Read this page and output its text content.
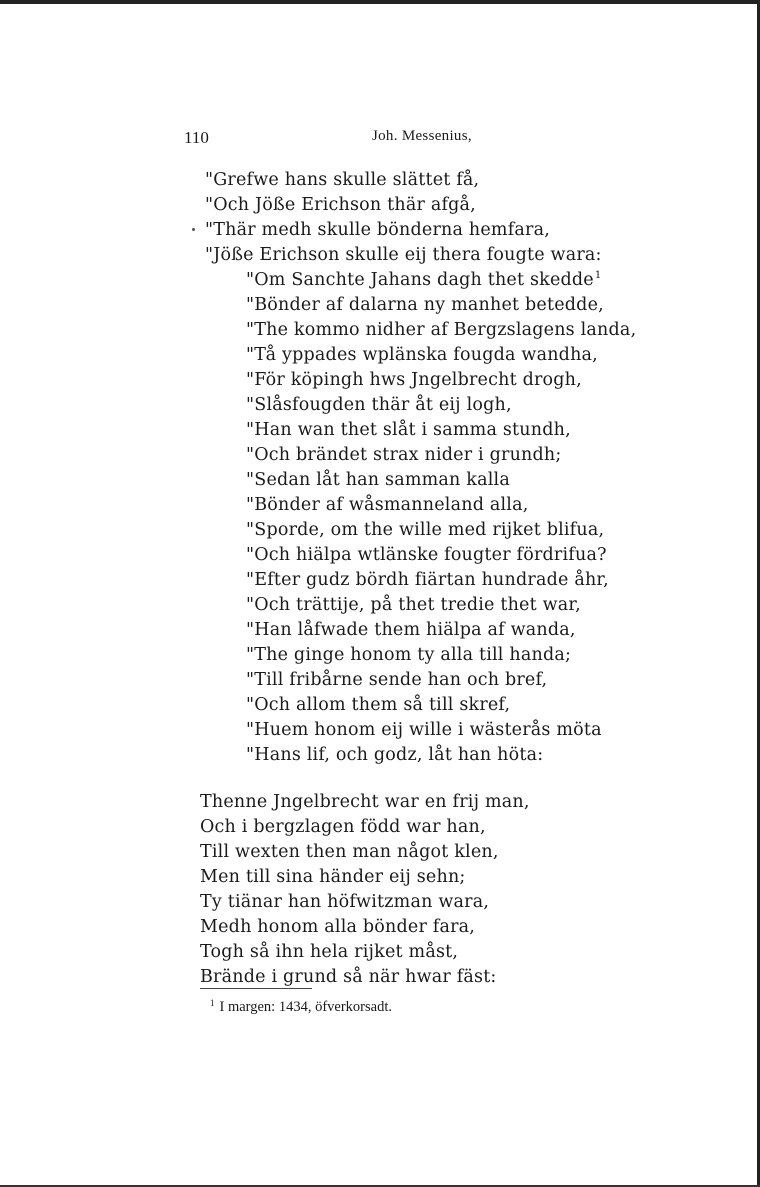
110	Joh. Messenius,
"Grefwe hans skulle slättet få,
"Och Jöße Erichson thär afgå,
"Thär medh skulle bönderna hemfara,
"Jöße Erichson skulle eij thera fougte wara:
"Om Sanchte Jahans dagh thet skedde$^1$
"Bönder af dalarna ny manhet betedde,
"The kommo nidher af Bergzslagens landa,
"Tå yppades wplänska fougda wandha,
"För köpingh hws Jngelbrecht drogh,
"Slåsfougden thär åt eij logh,
"Han wan thet slåt i samma stundh,
"Och brändet strax nider i grundh;
"Sedan låt han samman kalla
"Bönder af wåsmanneland alla,
"Sporde, om the wille med rijket blifua,
"Och hiälpa wtlänske fougter fördrifua?
"Efter gudz bördh fiärtan hundrade åhr,
"Och trättije, på thet tredie thet war,
"Han låfwade them hiälpa af wanda,
"The ginge honom ty alla till handa;
"Till fribårne sende han och bref,
"Och allom them så till skref,
"Huem honom eij wille i wästerås möta
"Hans lif, och godz, låt han höta:
Thenne Jngelbrecht war en frij man,
Och i bergzlagen född war han,
Till wexten then man något klen,
Men till sina händer eij sehn;
Ty tiänar han höfwitzman wara,
Medh honom alla bönder fara,
Togh så ihn hela rijket måst,
Brände i grund så när hwar fäst:
$^1$ I margen: 1434, öfverkorsadt.
